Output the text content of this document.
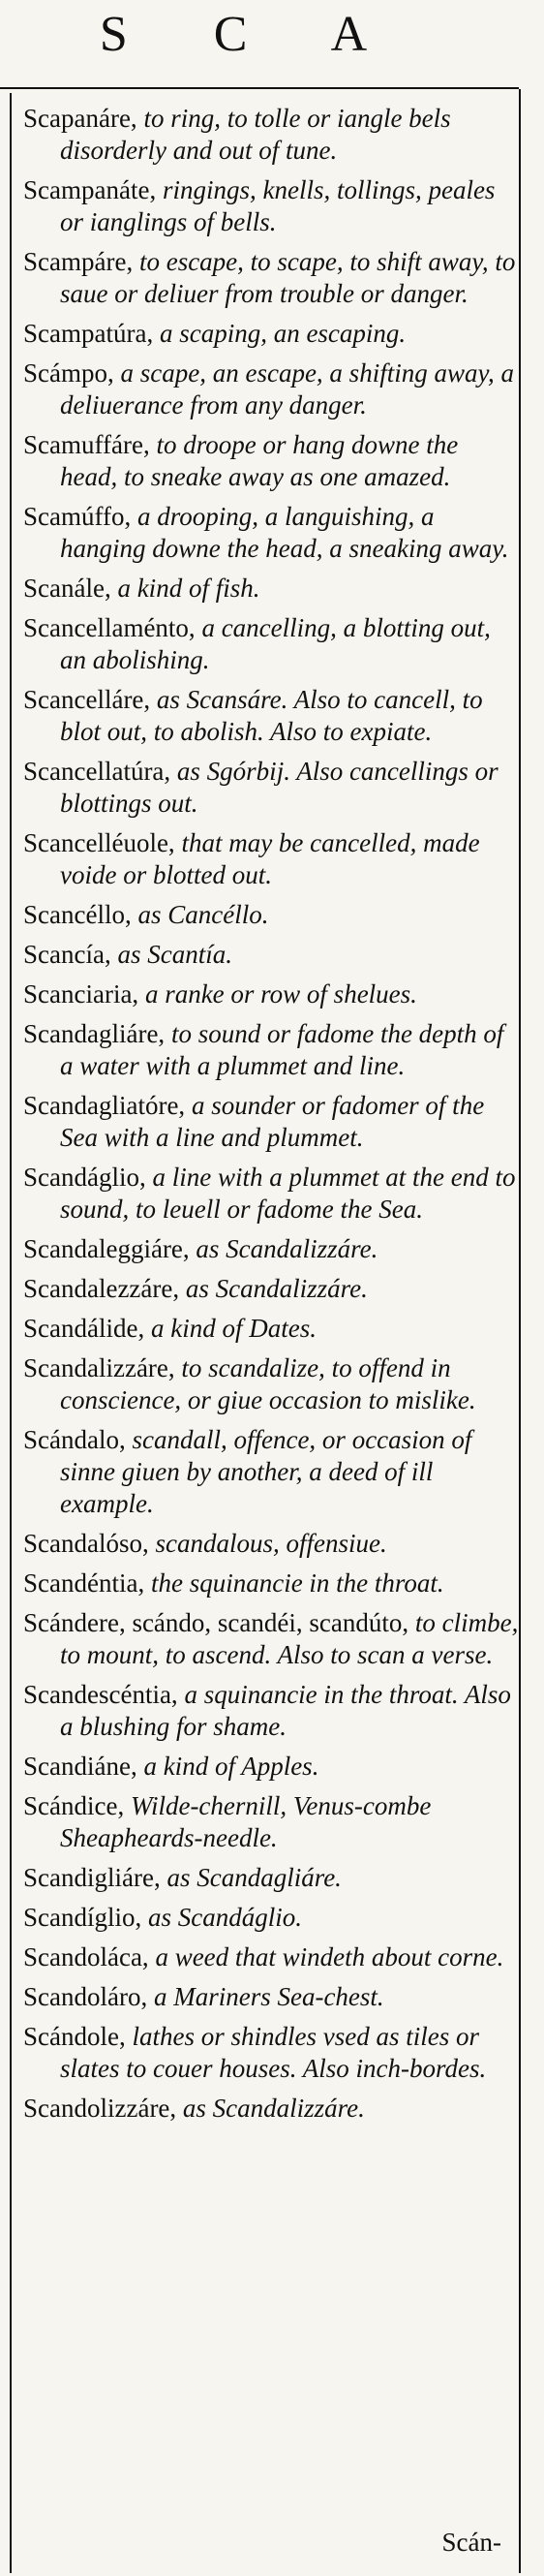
S C A

Scapanáre, to ring, to tolle or iangle bels disorderly and out of tune.

Scampanáte, ringings, knells, tollings, peales or ianglings of bells.

Scampáre, to escape, to scape, to shift away, to saue or deliuer from trouble or danger.

Scampatúra, a scaping, an escaping.

Scámpo, a scape, an escape, a shifting away, a deliuerance from any danger.

Scamuffáre, to droope or hang downe the head, to sneake away as one amazed.

Scamúffo, a drooping, a languishing, a hanging downe the head, a sneaking away.

Scanále, a kind of fish.

Scancellaménto, a cancelling, a blotting out, an abolishing.

Scancelláre, as Scansáre. Also to cancell, to blot out, to abolish. Also to expiate.

Scancellatúra, as Sgórbij. Also cancellings or blottings out.

Scancelléuole, that may be cancelled, made voide or blotted out.

Scancéllo, as Cancéllo.

Scancía, as Scantía.

Scanciaria, a ranke or row of shelues.

Scandagliáre, to sound or fadome the depth of a water with a plummet and line.

Scandagliatóre, a sounder or fadomer of the Sea with a line and plummet.

Scandáglio, a line with a plummet at the end to sound, to leuell or fadome the Sea.

Scandaleggiáre, as Scandalizzáre.

Scandalezzáre, as Scandalizzáre.

Scandálide, a kind of Dates.

Scandalizzáre, to scandalize, to offend in conscience, or giue occasion to mislike.

Scándalo, scandall, offence, or occasion of sinne giuen by another, a deed of ill example.

Scandalóso, scandalous, offensiue.

Scandéntia, the squinancie in the throat.

Scándere, scándo, scandéi, scandúto, to climbe, to mount, to ascend. Also to scan a verse.

Scandescéntia, a squinancie in the throat. Also a blushing for shame.

Scandiáne, a kind of Apples.

Scándice, Wilde-chernill, Venus-combe Sheapheards-needle.

Scandigliáre, as Scandagliáre.

Scandíglio, as Scandáglio.

Scandoláca, a weed that windeth about corne.

Scandoláro, a Mariners Sea-chest.

Scándole, lathes or shindles vsed as tiles or slates to couer houses. Also inch-bordes.

Scandolizzáre, as Scandalizzáre.

Scán-
